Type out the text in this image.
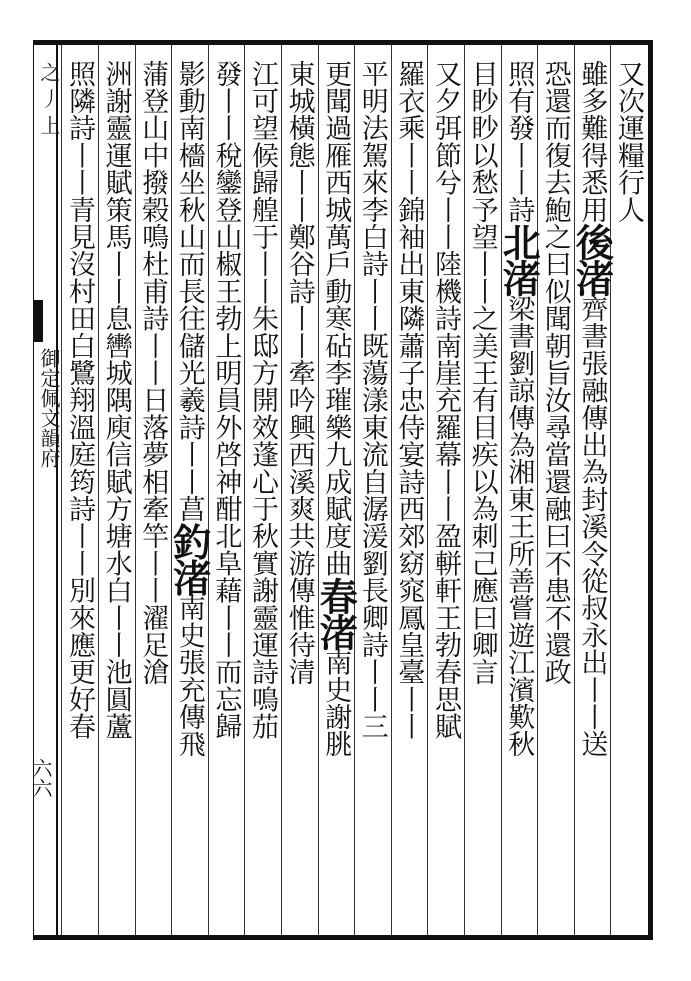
又次運糧行人
雖多難得悉用後渚齊書張融傳出為封溪令從叔永出丨丨送
恐還而復去鮑之曰似聞朝旨汝尋當還融曰不患不還政
照有發丨丨詩北渚梁書劉諒傳為湘東王所善嘗遊江濱歎秋
目眇眇以愁予望丨丨之美王有目疾以為刺己應曰卿言
又夕弭節兮丨丨陸機詩南崖充羅幕丨丨盈軿軒王勃春思賦
羅衣乘丨丨錦袖出東隣蕭子忠侍宴詩西郊窈窕鳳皇臺丨丨
平明法駕來李白詩丨丨既蕩漾東流自潺湲劉長卿詩丨丨三
更聞過雁西城萬戶動寒砧李璀樂九成賦度曲春渚南史謝朓
東城橫態丨丨鄭谷詩丨丨牽吟興西溪爽共游傳惟待清
江可望候歸艎于丨丨朱邸方開效蓬心于秋實謝靈運詩鳴茄
發丨丨稅鑾登山椒王勃上明員外啓神酣北阜藉丨丨而忘歸
影動南檣坐秋山而長往儲光羲詩丨丨菖釣渚南史張充傳飛
蒲登山中撥榖鳴杜甫詩丨丨日落夢相牽竿丨丨濯足滄
洲謝靈運賦策馬丨丨息轡城隅庾信賦方塘水白丨丨池圓蘆
照隣詩丨丨青見沒村田白鷺翔溫庭筠詩丨丨別來應更好春
之 丿 上
御定佩文韻府
六六
